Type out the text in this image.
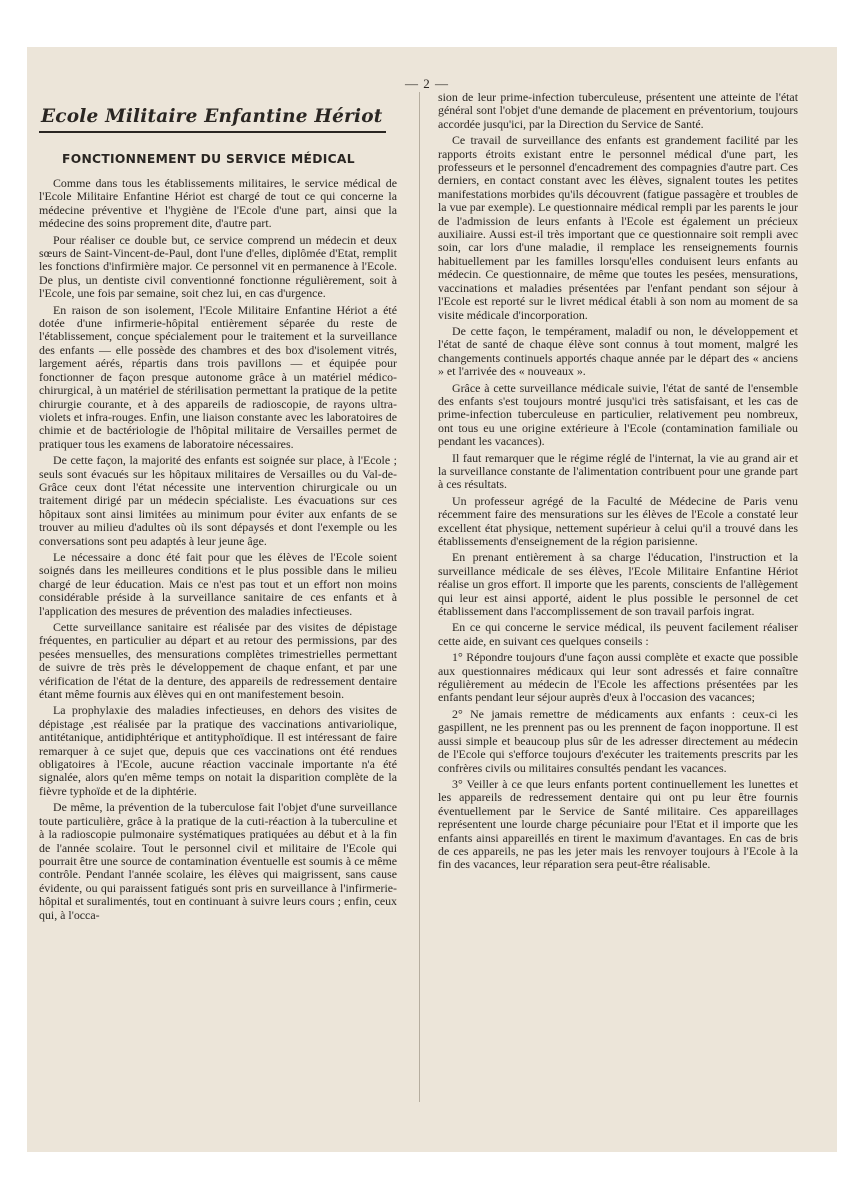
— 2 —
Ecole Militaire Enfantine Hériot
FONCTIONNEMENT DU SERVICE MÉDICAL

Comme dans tous les établissements militaires, le service médical de l'Ecole Militaire Enfantine Hériot est chargé de tout ce qui concerne la médecine préventive et l'hygiène de l'Ecole d'une part, ainsi que la médecine des soins proprement dite, d'autre part.

Pour réaliser ce double but, ce service comprend un médecin et deux sœurs de Saint-Vincent-de-Paul, dont l'une d'elles, diplômée d'Etat, remplit les fonctions d'infirmière major. Ce personnel vit en permanence à l'Ecole. De plus, un dentiste civil conventionné fonctionne régulièrement, soit à l'Ecole, une fois par semaine, soit chez lui, en cas d'urgence.

En raison de son isolement, l'Ecole Militaire Enfantine Hériot a été dotée d'une infirmerie-hôpital entièrement séparée du reste de l'établissement, conçue spécialement pour le traitement et la surveillance des enfants — elle possède des chambres et des box d'isolement vitrés, largement aérés, répartis dans trois pavillons — et équipée pour fonctionner de façon presque autonome grâce à un matériel médico-chirurgical, à un matériel de stérilisation permettant la pratique de la petite chirurgie courante, et à des appareils de radioscopie, de rayons ultra-violets et infra-rouges. Enfin, une liaison constante avec les laboratoires de chimie et de bactériologie de l'hôpital militaire de Versailles permet de pratiquer tous les examens de laboratoire nécessaires.

De cette façon, la majorité des enfants est soignée sur place, à l'Ecole ; seuls sont évacués sur les hôpitaux militaires de Versailles ou du Val-de-Grâce ceux dont l'état nécessite une intervention chirurgicale ou un traitement dirigé par un médecin spécialiste. Les évacuations sur ces hôpitaux sont ainsi limitées au minimum pour éviter aux enfants de se trouver au milieu d'adultes où ils sont dépaysés et dont l'exemple ou les conversations sont peu adaptés à leur jeune âge.

Le nécessaire a donc été fait pour que les élèves de l'Ecole soient soignés dans les meilleures conditions et le plus possible dans le milieu chargé de leur éducation. Mais ce n'est pas tout et un effort non moins considérable préside à la surveillance sanitaire de ces enfants et à l'application des mesures de prévention des maladies infectieuses.

Cette surveillance sanitaire est réalisée par des visites de dépistage fréquentes, en particulier au départ et au retour des permissions, par des pesées mensuelles, des mensurations complètes trimestrielles permettant de suivre de très près le développement de chaque enfant, et par une vérification de l'état de la denture, des appareils de redressement dentaire étant même fournis aux élèves qui en ont manifestement besoin.

La prophylaxie des maladies infectieuses, en dehors des visites de dépistage ,est réalisée par la pratique des vaccinations antivariolique, antitétanique, antidiphtérique et antityphoïdique. Il est intéressant de faire remarquer à ce sujet que, depuis que ces vaccinations ont été rendues obligatoires à l'Ecole, aucune réaction vaccinale importante n'a été signalée, alors qu'en même temps on notait la disparition complète de la fièvre typhoïde et de la diphtérie.

De même, la prévention de la tuberculose fait l'objet d'une surveillance toute particulière, grâce à la pratique de la cuti-réaction à la tuberculine et à la radioscopie pulmonaire systématiques pratiquées au début et à la fin de l'année scolaire. Tout le personnel civil et militaire de l'Ecole qui pourrait être une source de contamination éventuelle est soumis à ce même contrôle. Pendant l'année scolaire, les élèves qui maigrissent, sans cause évidente, ou qui paraissent fatigués sont pris en surveillance à l'infirmerie-hôpital et suralimentés, tout en continuant à suivre leurs cours ; enfin, ceux qui, à l'occa-

sion de leur prime-infection tuberculeuse, présentent une atteinte de l'état général sont l'objet d'une demande de placement en préventorium, toujours accordée jusqu'ici, par la Direction du Service de Santé.

Ce travail de surveillance des enfants est grandement facilité par les rapports étroits existant entre le personnel médical d'une part, les professeurs et le personnel d'encadrement des compagnies d'autre part. Ces derniers, en contact constant avec les élèves, signalent toutes les petites manifestations morbides qu'ils découvrent (fatigue passagère et troubles de la vue par exemple). Le questionnaire médical rempli par les parents le jour de l'admission de leurs enfants à l'Ecole est également un précieux auxiliaire. Aussi est-il très important que ce questionnaire soit rempli avec soin, car lors d'une maladie, il remplace les renseignements fournis habituellement par les familles lorsqu'elles conduisent leurs enfants au médecin. Ce questionnaire, de même que toutes les pesées, mensurations, vaccinations et maladies présentées par l'enfant pendant son séjour à l'Ecole est reporté sur le livret médical établi à son nom au moment de sa visite médicale d'incorporation.

De cette façon, le tempérament, maladif ou non, le développement et l'état de santé de chaque élève sont connus à tout moment, malgré les changements continuels apportés chaque année par le départ des « anciens » et l'arrivée des « nouveaux ».

Grâce à cette surveillance médicale suivie, l'état de santé de l'ensemble des enfants s'est toujours montré jusqu'ici très satisfaisant, et les cas de prime-infection tuberculeuse en particulier, relativement peu nombreux, ont tous eu une origine extérieure à l'Ecole (contamination familiale ou pendant les vacances).

Il faut remarquer que le régime réglé de l'internat, la vie au grand air et la surveillance constante de l'alimentation contribuent pour une grande part à ces résultats.

Un professeur agrégé de la Faculté de Médecine de Paris venu récemment faire des mensurations sur les élèves de l'Ecole a constaté leur excellent état physique, nettement supérieur à celui qu'il a trouvé dans les établissements d'enseignement de la région parisienne.

En prenant entièrement à sa charge l'éducation, l'instruction et la surveillance médicale de ses élèves, l'Ecole Militaire Enfantine Hériot réalise un gros effort. Il importe que les parents, conscients de l'allègement qui leur est ainsi apporté, aident le plus possible le personnel de cet établissement dans l'accomplissement de son travail parfois ingrat.

En ce qui concerne le service médical, ils peuvent facilement réaliser cette aide, en suivant ces quelques conseils :

1° Répondre toujours d'une façon aussi complète et exacte que possible aux questionnaires médicaux qui leur sont adressés et faire connaître régulièrement au médecin de l'Ecole les affections présentées par les enfants pendant leur séjour auprès d'eux à l'occasion des vacances;

2° Ne jamais remettre de médicaments aux enfants : ceux-ci les gaspillent, ne les prennent pas ou les prennent de façon inopportune. Il est aussi simple et beaucoup plus sûr de les adresser directement au médecin de l'Ecole qui s'efforce toujours d'exécuter les traitements prescrits par les confrères civils ou militaires consultés pendant les vacances.

3° Veiller à ce que leurs enfants portent continuellement les lunettes et les appareils de redressement dentaire qui ont pu leur être fournis éventuellement par le Service de Santé militaire. Ces appareillages représentent une lourde charge pécuniaire pour l'Etat et il importe que les enfants ainsi appareillés en tirent le maximum d'avantages. En cas de bris de ces appareils, ne pas les jeter mais les renvoyer toujours à l'Ecole à la fin des vacances, leur réparation sera peut-être réalisable.
